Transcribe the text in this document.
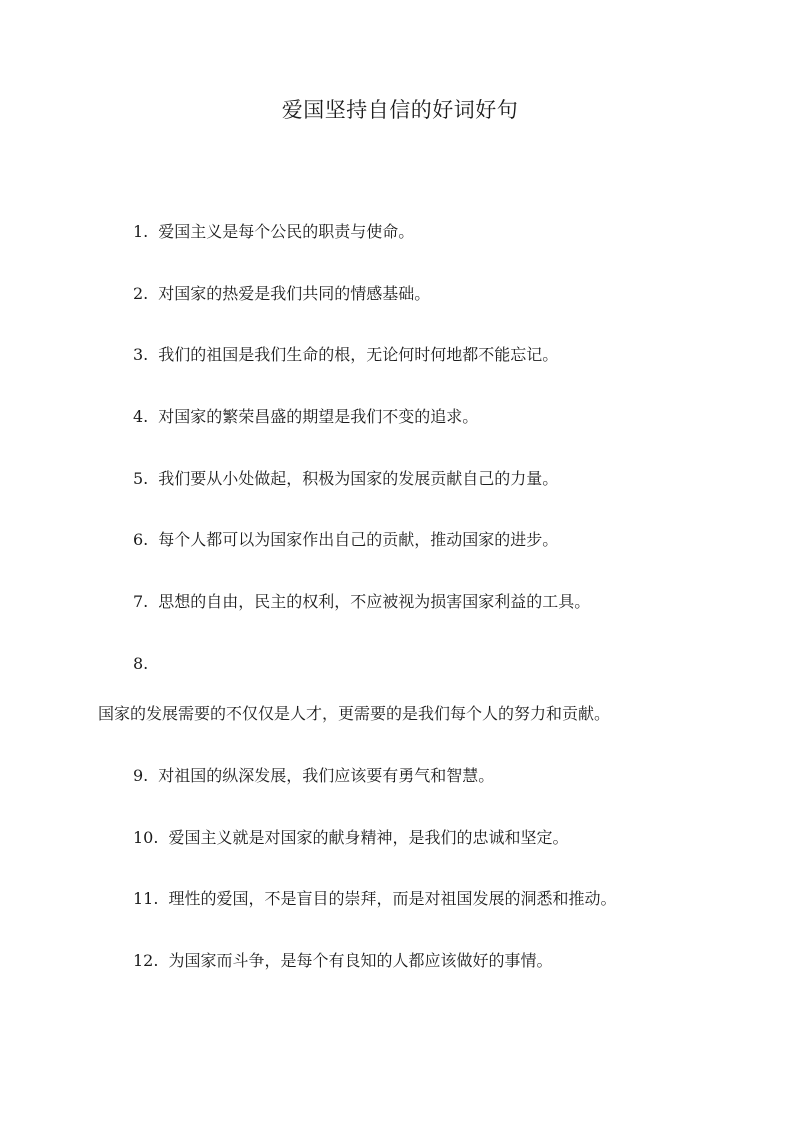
爱国坚持自信的好词好句
1. 爱国主义是每个公民的职责与使命。
2. 对国家的热爱是我们共同的情感基础。
3. 我们的祖国是我们生命的根，无论何时何地都不能忘记。
4. 对国家的繁荣昌盛的期望是我们不变的追求。
5. 我们要从小处做起，积极为国家的发展贡献自己的力量。
6. 每个人都可以为国家作出自己的贡献，推动国家的进步。
7. 思想的自由，民主的权利，不应被视为损害国家利益的工具。
8.
国家的发展需要的不仅仅是人才，更需要的是我们每个人的努力和贡献。
9. 对祖国的纵深发展，我们应该要有勇气和智慧。
10. 爱国主义就是对国家的献身精神，是我们的忠诚和坚定。
11. 理性的爱国，不是盲目的崇拜，而是对祖国发展的洞悉和推动。
12. 为国家而斗争，是每个有良知的人都应该做好的事情。
